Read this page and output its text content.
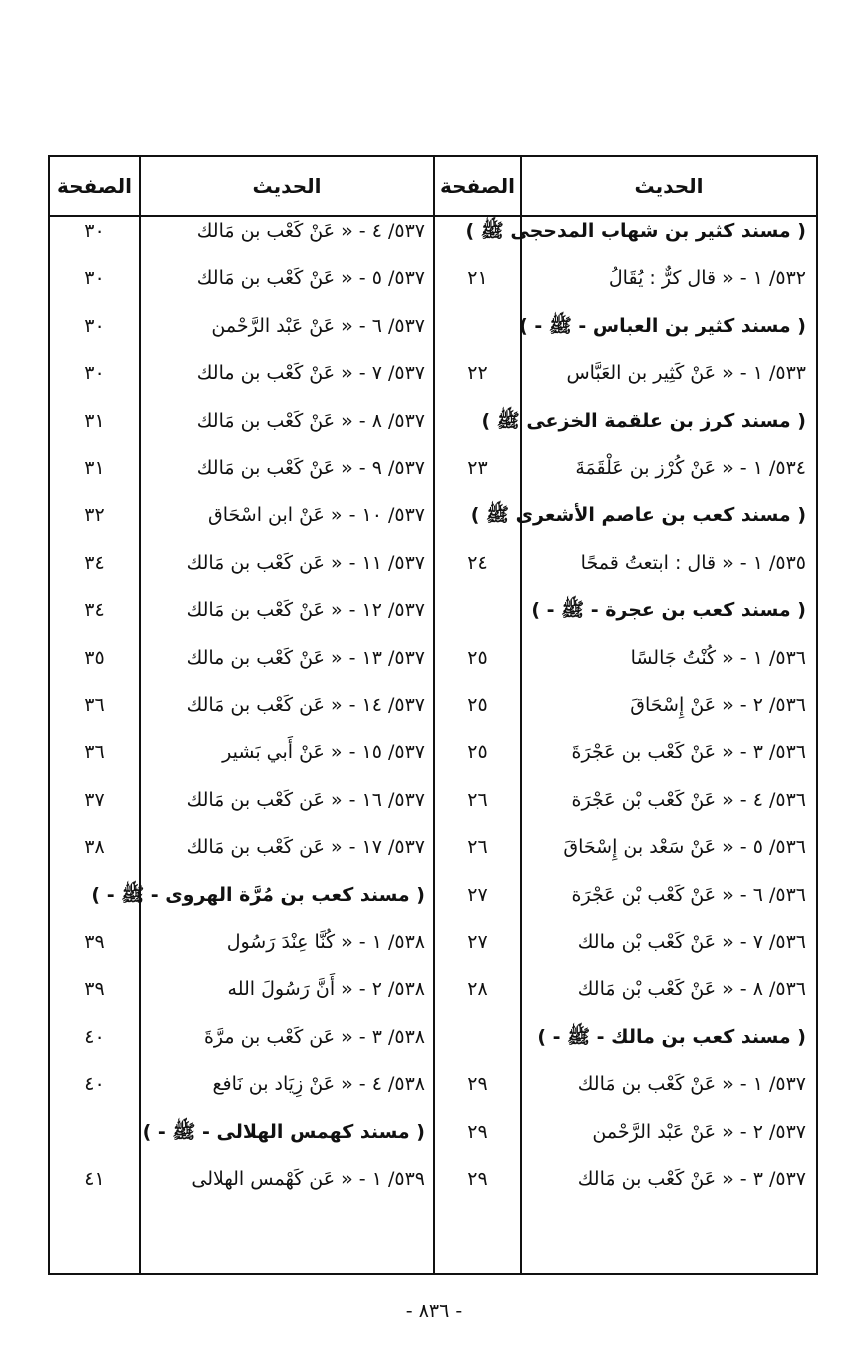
الحديث
الصفحة
الحديث
الصفحة
( مسند كثير بن شهاب المدحجى ﷺ )
٥٣٢/ ١ - « قال كرٌّ : يُقَالُ
٢١
( مسند كثير بن العباس - ﷺ - )
٥٣٣/ ١ - « عَنْ كَثِير بن العَبَّاس
٢٢
( مسند كرز بن علقمة الخزعى ﷺ )
٥٣٤/ ١ - « عَنْ كُرْز بن عَلْقَمَةَ
٢٣
( مسند كعب بن عاصم الأشعرى ﷺ )
٥٣٥/ ١ - « قال : ابتعتُ قمحًا
٢٤
( مسند كعب بن عجرة - ﷺ - )
٥٣٦/ ١ - « كُنْتُ جَالسًا
٢٥
٥٣٦/ ٢ - « عَنْ إِسْحَاقَ
٢٥
٥٣٦/ ٣ - « عَنْ كَعْب بن عَجْرَةَ
٢٥
٥٣٦/ ٤ - « عَنْ كَعْب بْن عَجْرَة
٢٦
٥٣٦/ ٥ - « عَنْ سَعْد بن إِسْحَاقَ
٢٦
٥٣٦/ ٦ - « عَنْ كَعْب بْن عَجْرَة
٢٧
٥٣٦/ ٧ - « عَنْ كَعْب بْن مالك
٢٧
٥٣٦/ ٨ - « عَنْ كَعْب بْن مَالك
٢٨
( مسند كعب بن مالك - ﷺ - )
٥٣٧/ ١ - « عَنْ كَعْب بن مَالك
٢٩
٥٣٧/ ٢ - « عَنْ عَبْد الرَّحْمن
٢٩
٥٣٧/ ٣ - « عَنْ كَعْب بن مَالك
٢٩
٥٣٧/ ٤ - « عَنْ كَعْب بن مَالك
٣٠
٥٣٧/ ٥ - « عَنْ كَعْب بن مَالك
٣٠
٥٣٧/ ٦ - « عَنْ عَبْد الرَّحْمن
٣٠
٥٣٧/ ٧ - « عَنْ كَعْب بن مالك
٣٠
٥٣٧/ ٨ - « عَنْ كَعْب بن مَالك
٣١
٥٣٧/ ٩ - « عَنْ كَعْب بن مَالك
٣١
٥٣٧/ ١٠ - « عَنْ ابن اسْحَاق
٣٢
٥٣٧/ ١١ - « عَن كَعْب بن مَالك
٣٤
٥٣٧/ ١٢ - « عَنْ كَعْب بن مَالك
٣٤
٥٣٧/ ١٣ - « عَنْ كَعْب بن مالك
٣٥
٥٣٧/ ١٤ - « عَن كَعْب بن مَالك
٣٦
٥٣٧/ ١٥ - « عَنْ أَبي بَشير
٣٦
٥٣٧/ ١٦ - « عَن كَعْب بن مَالك
٣٧
٥٣٧/ ١٧ - « عَن كَعْب بن مَالك
٣٨
( مسند كعب بن مُرَّة الهروى - ﷺ - )
٥٣٨/ ١ - « كُنَّا عِنْدَ رَسُول
٣٩
٥٣٨/ ٢ - « أَنَّ رَسُولَ الله
٣٩
٥٣٨/ ٣ - « عَن كَعْب بن مرَّةَ
٤٠
٥٣٨/ ٤ - « عَنْ زِيَاد بن نَافع
٤٠
( مسند كهمس الهلالى - ﷺ - )
٥٣٩/ ١ - « عَن كَهْمس الهلالى
٤١
- ٨٣٦ -
